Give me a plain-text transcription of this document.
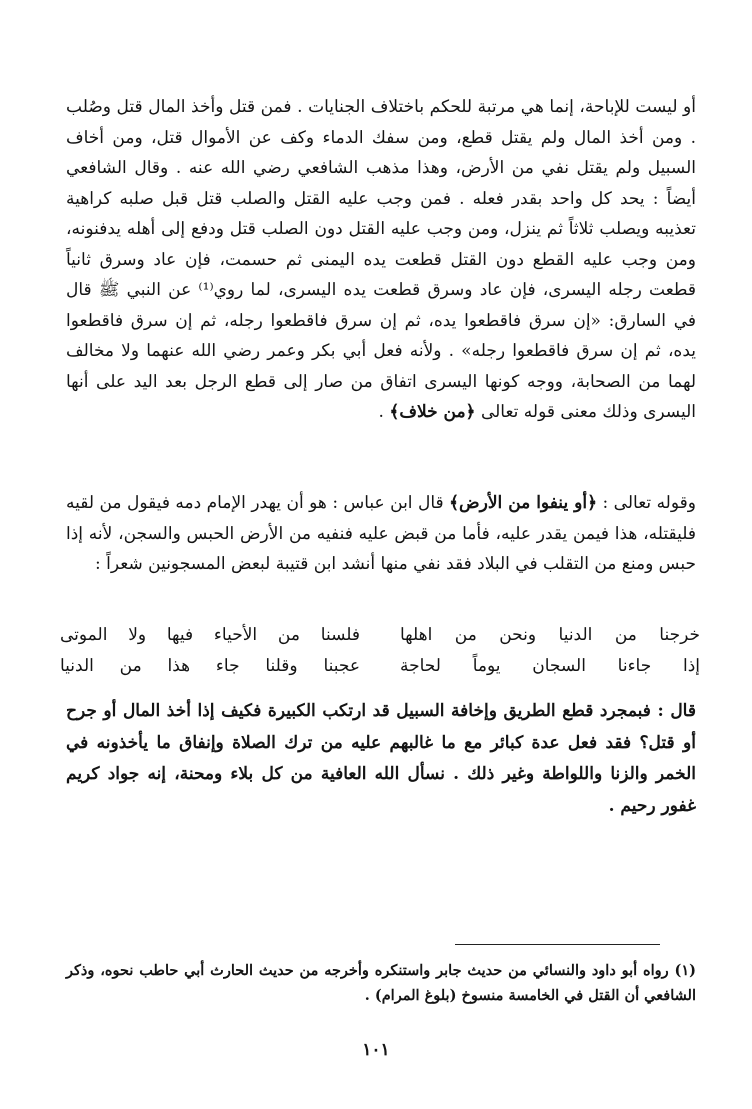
أو ليست للإباحة، إنما هي مرتبة للحكم باختلاف الجنايات . فمن قتل وأخذ المال قتل وصُلب . ومن أخذ المال ولم يقتل قطع، ومن سفك الدماء وكف عن الأموال قتل، ومن أخاف السبيل ولم يقتل نفي من الأرض، وهذا مذهب الشافعي رضي الله عنه . وقال الشافعي أيضاً : يحد كل واحد بقدر فعله . فمن وجب عليه القتل والصلب قتل قبل صلبه كراهية تعذيبه ويصلب ثلاثاً ثم ينزل، ومن وجب عليه القتل دون الصلب قتل ودفع إلى أهله يدفنونه، ومن وجب عليه القطع دون القتل قطعت يده اليمنى ثم حسمت، فإن عاد وسرق ثانياً قطعت رجله اليسرى، فإن عاد وسرق قطعت يده اليسرى، لما روي⁽¹⁾ عن النبي ﷺ قال في السارق: «إن سرق فاقطعوا يده، ثم إن سرق فاقطعوا رجله، ثم إن سرق فاقطعوا يده، ثم إن سرق فاقطعوا رجله» . ولأنه فعل أبي بكر وعمر رضي الله عنهما ولا مخالف لهما من الصحابة، ووجه كونها اليسرى اتفاق من صار إلى قطع الرجل بعد اليد على أنها اليسرى وذلك معنى قوله تعالى ﴿من خلاف﴾ .
وقوله تعالى : ﴿أو ينفوا من الأرض﴾ قال ابن عباس : هو أن يهدر الإمام دمه فيقول من لقيه فليقتله، هذا فيمن يقدر عليه، فأما من قبض عليه فنفيه من الأرض الحبس والسجن، لأنه إذا حبس ومنع من التقلب في البلاد فقد نفي منها أنشد ابن قتيبة لبعض المسجونين شعراً :
خرجنا من الدنيا ونحن من اهلها
فلسنا من الأحياء فيها ولا الموتى
إذا جاءنا السجان يوماً لحاجة
عجبنا وقلنا جاء هذا من الدنيا
قال : فبمجرد قطع الطريق وإخافة السبيل قد ارتكب الكبيرة فكيف إذا أخذ المال أو جرح أو قتل؟ فقد فعل عدة كبائر مع ما غالبهم عليه من ترك الصلاة وإنفاق ما يأخذونه في الخمر والزنا واللواطة وغير ذلك . نسأل الله العافية من كل بلاء ومحنة، إنه جواد كريم غفور رحيم .
(١) رواه أبو داود والنسائي من حديث جابر واستنكره وأخرجه من حديث الحارث أبي حاطب نحوه، وذكر الشافعي أن القتل في الخامسة منسوخ (بلوغ المرام) .
١٠١
